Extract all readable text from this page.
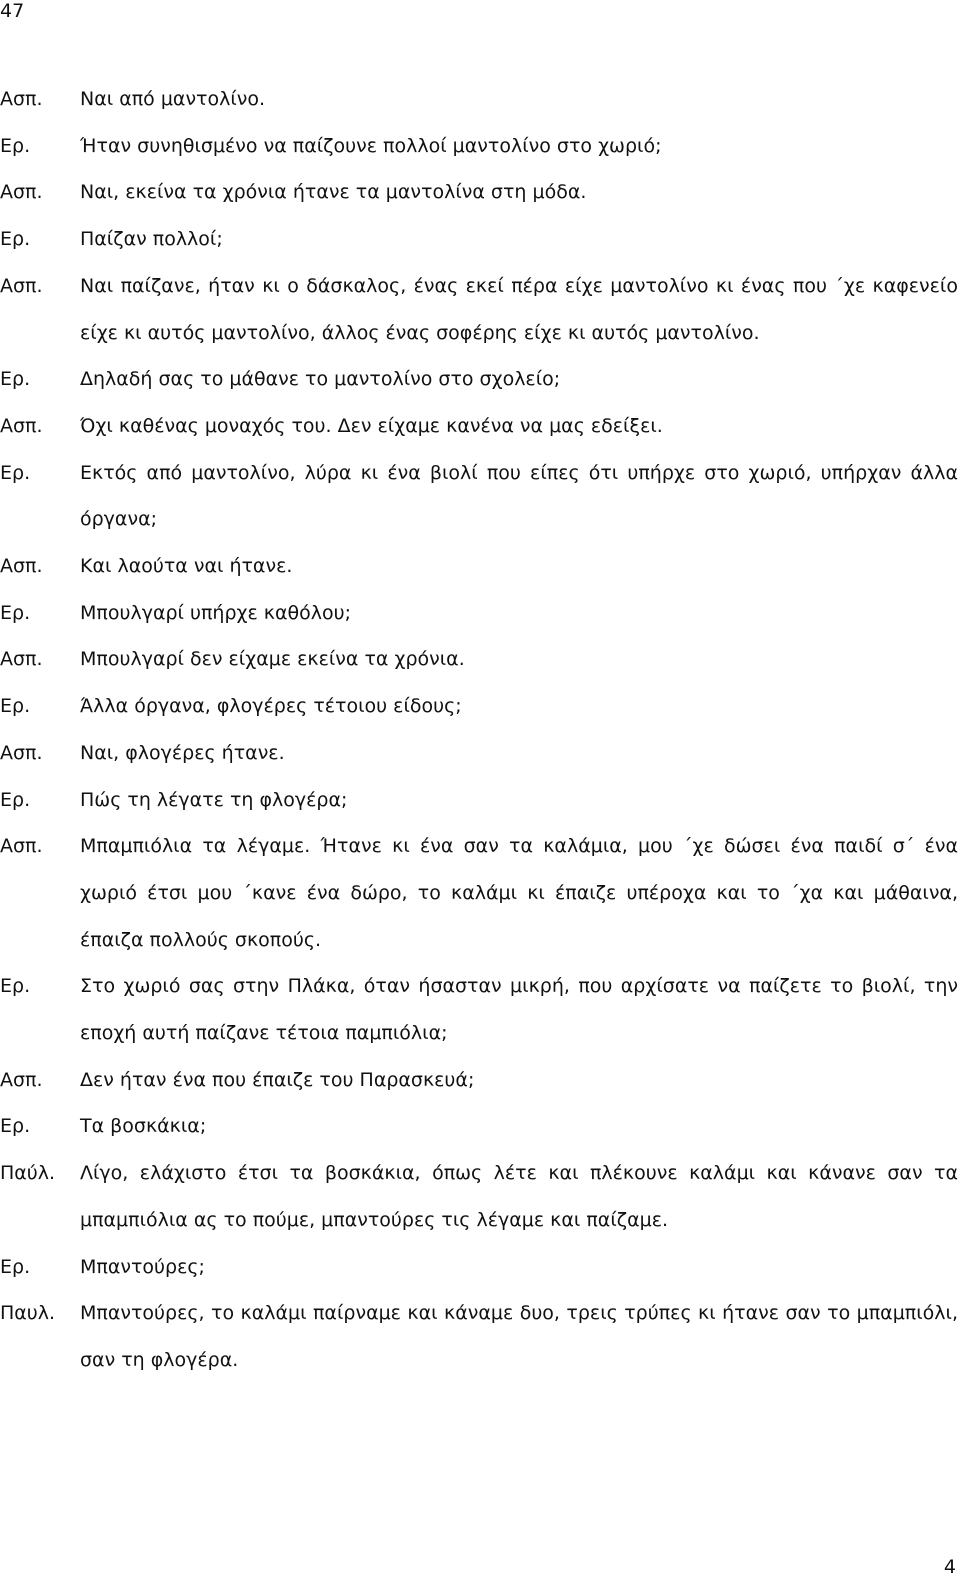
47
Ασπ.	Ναι από μαντολίνο.
Ερ.	Ήταν συνηθισμένο να παίζουνε πολλοί μαντολίνο στο χωριό;
Ασπ.	Ναι, εκείνα τα χρόνια ήτανε τα μαντολίνα στη μόδα.
Ερ.	Παίζαν πολλοί;
Ασπ.	Ναι παίζανε, ήταν κι ο δάσκαλος, ένας εκεί πέρα είχε μαντολίνο κι ένας που ΄χε καφενείο είχε κι αυτός μαντολίνο, άλλος ένας σοφέρης είχε κι αυτός μαντολίνο.
Ερ.	Δηλαδή σας το μάθανε το μαντολίνο στο σχολείο;
Ασπ.	Όχι καθένας μοναχός του. Δεν είχαμε κανένα να μας εδείξει.
Ερ.	Εκτός από μαντολίνο, λύρα κι ένα βιολί που είπες ότι υπήρχε στο χωριό, υπήρχαν άλλα όργανα;
Ασπ.	Και λαούτα ναι ήτανε.
Ερ.	Μπουλγαρί υπήρχε καθόλου;
Ασπ.	Μπουλγαρί δεν είχαμε εκείνα τα χρόνια.
Ερ.	Άλλα όργανα, φλογέρες τέτοιου είδους;
Ασπ.	Ναι, φλογέρες ήτανε.
Ερ.	Πώς τη λέγατε τη φλογέρα;
Ασπ.	Μπαμπιόλια τα λέγαμε. Ήτανε κι ένα σαν τα καλάμια, μου ΄χε δώσει ένα παιδί σ΄ ένα χωριό έτσι μου ΄κανε ένα δώρο, το καλάμι κι έπαιζε υπέροχα και το ΄χα και μάθαινα, έπαιζα πολλούς σκοπούς.
Ερ.	Στο χωριό σας στην Πλάκα, όταν ήσασταν μικρή, που αρχίσατε να παίζετε το βιολί, την εποχή αυτή παίζανε τέτοια παμπιόλια;
Ασπ.	Δεν ήταν ένα που έπαιζε του Παρασκευά;
Ερ.	Τα βοσκάκια;
Παύλ.	Λίγο, ελάχιστο έτσι τα βοσκάκια, όπως λέτε και πλέκουνε καλάμι και κάνανε σαν τα μπαμπιόλια ας το πούμε, μπαντούρες τις λέγαμε και παίζαμε.
Ερ.	Μπαντούρες;
Παυλ.	Μπαντούρες, το καλάμι παίρναμε και κάναμε δυο, τρεις τρύπες κι ήτανε σαν το μπαμπιόλι, σαν τη φλογέρα.
4
